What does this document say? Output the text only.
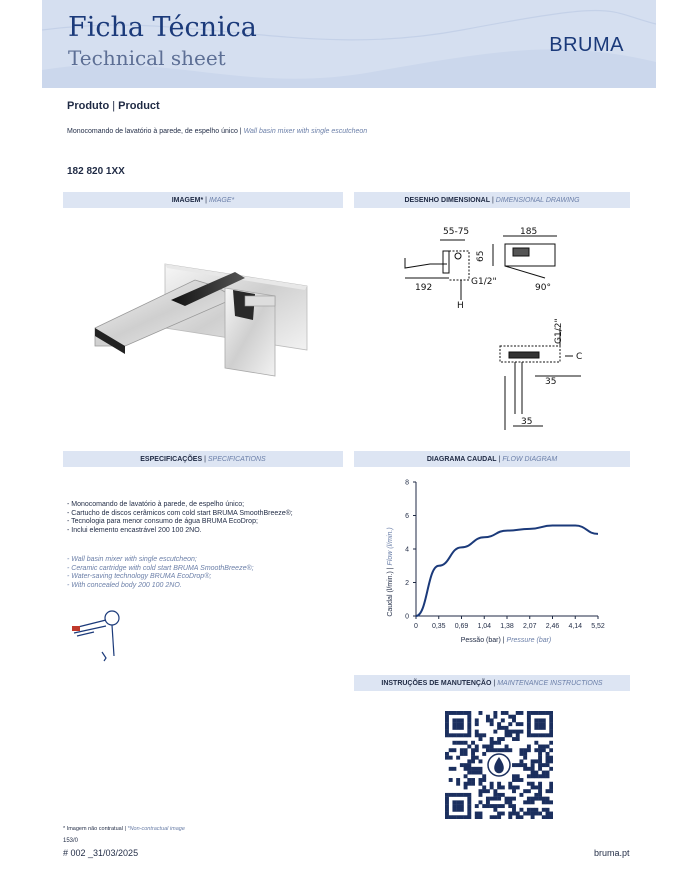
Ficha Técnica
Technical sheet
BRUMA
Produto | Product
Monocomando de lavatório à parede, de espelho único | Wall basin mixer with single escutcheon
182 820 1XX
IMAGEM* | IMAGE*	DESENHO DIMENSIONAL | DIMENSIONAL DRAWING
ESPECIFICAÇÕES | SPECIFICATIONS	DIAGRAMA CAUDAL | FLOW DIAGRAM
INSTRUÇÕES DE MANUTENÇÃO | MAINTENANCE INSTRUCTIONS
55-75	185
65
192
G1/2"
H
90°
G1/2"
C
35
35
- Monocomando de lavatório à parede, de espelho único;
- Cartucho de discos cerâmicos com cold start BRUMA SmoothBreeze®;
- Tecnologia para menor consumo de água BRUMA EcoDrop;
- Inclui elemento encastrável 200 100 2NO.
- Wall basin mixer with single escutcheon;
- Ceramic cartridge with cold start BRUMA SmoothBreeze®;
- Water-saving technology BRUMA EcoDrop®;
- With concealed body 200 100 2NO.
0
2
4
6
8
0 0,35 0,69 1,04 1,38 2,07 2,46 4,14 5,52
Caudal (l/min.) | Flow (l/min.)
Pessão (bar) | Pressure (bar)
* Imagem não contratual | *Non-contractual image
153/0
# 002 _31/03/2025	bruma.pt
